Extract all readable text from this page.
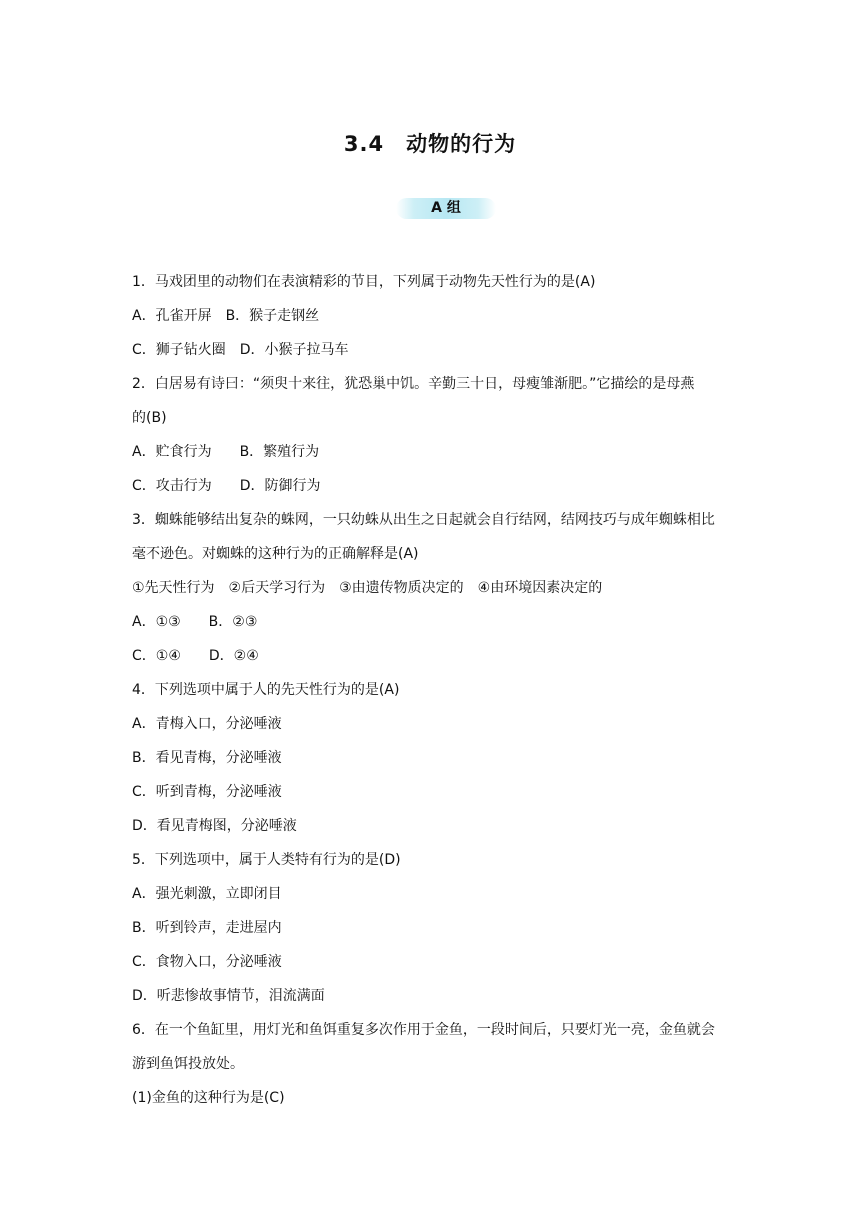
3.4　动物的行为
A 组
1．马戏团里的动物们在表演精彩的节目，下列属于动物先天性行为的是(A)
A．孔雀开屏　B．猴子走钢丝
C．狮子钻火圈　D．小猴子拉马车
2．白居易有诗曰：“须臾十来往，犹恐巢中饥。辛勤三十日，母瘦雏渐肥。”它描绘的是母燕
的(B)
A．贮食行为　　B．繁殖行为
C．攻击行为　　D．防御行为
3．蜘蛛能够结出复杂的蛛网，一只幼蛛从出生之日起就会自行结网，结网技巧与成年蜘蛛相比
毫不逊色。对蜘蛛的这种行为的正确解释是(A)
①先天性行为　②后天学习行为　③由遗传物质决定的　④由环境因素决定的
A．①③　　B．②③
C．①④　　D．②④
4．下列选项中属于人的先天性行为的是(A)
A．青梅入口，分泌唾液
B．看见青梅，分泌唾液
C．听到青梅，分泌唾液
D．看见青梅图，分泌唾液
5．下列选项中，属于人类特有行为的是(D)
A．强光刺激，立即闭目
B．听到铃声，走进屋内
C．食物入口，分泌唾液
D．听悲惨故事情节，泪流满面
6．在一个鱼缸里，用灯光和鱼饵重复多次作用于金鱼，一段时间后，只要灯光一亮，金鱼就会
游到鱼饵投放处。
(1)金鱼的这种行为是(C)
